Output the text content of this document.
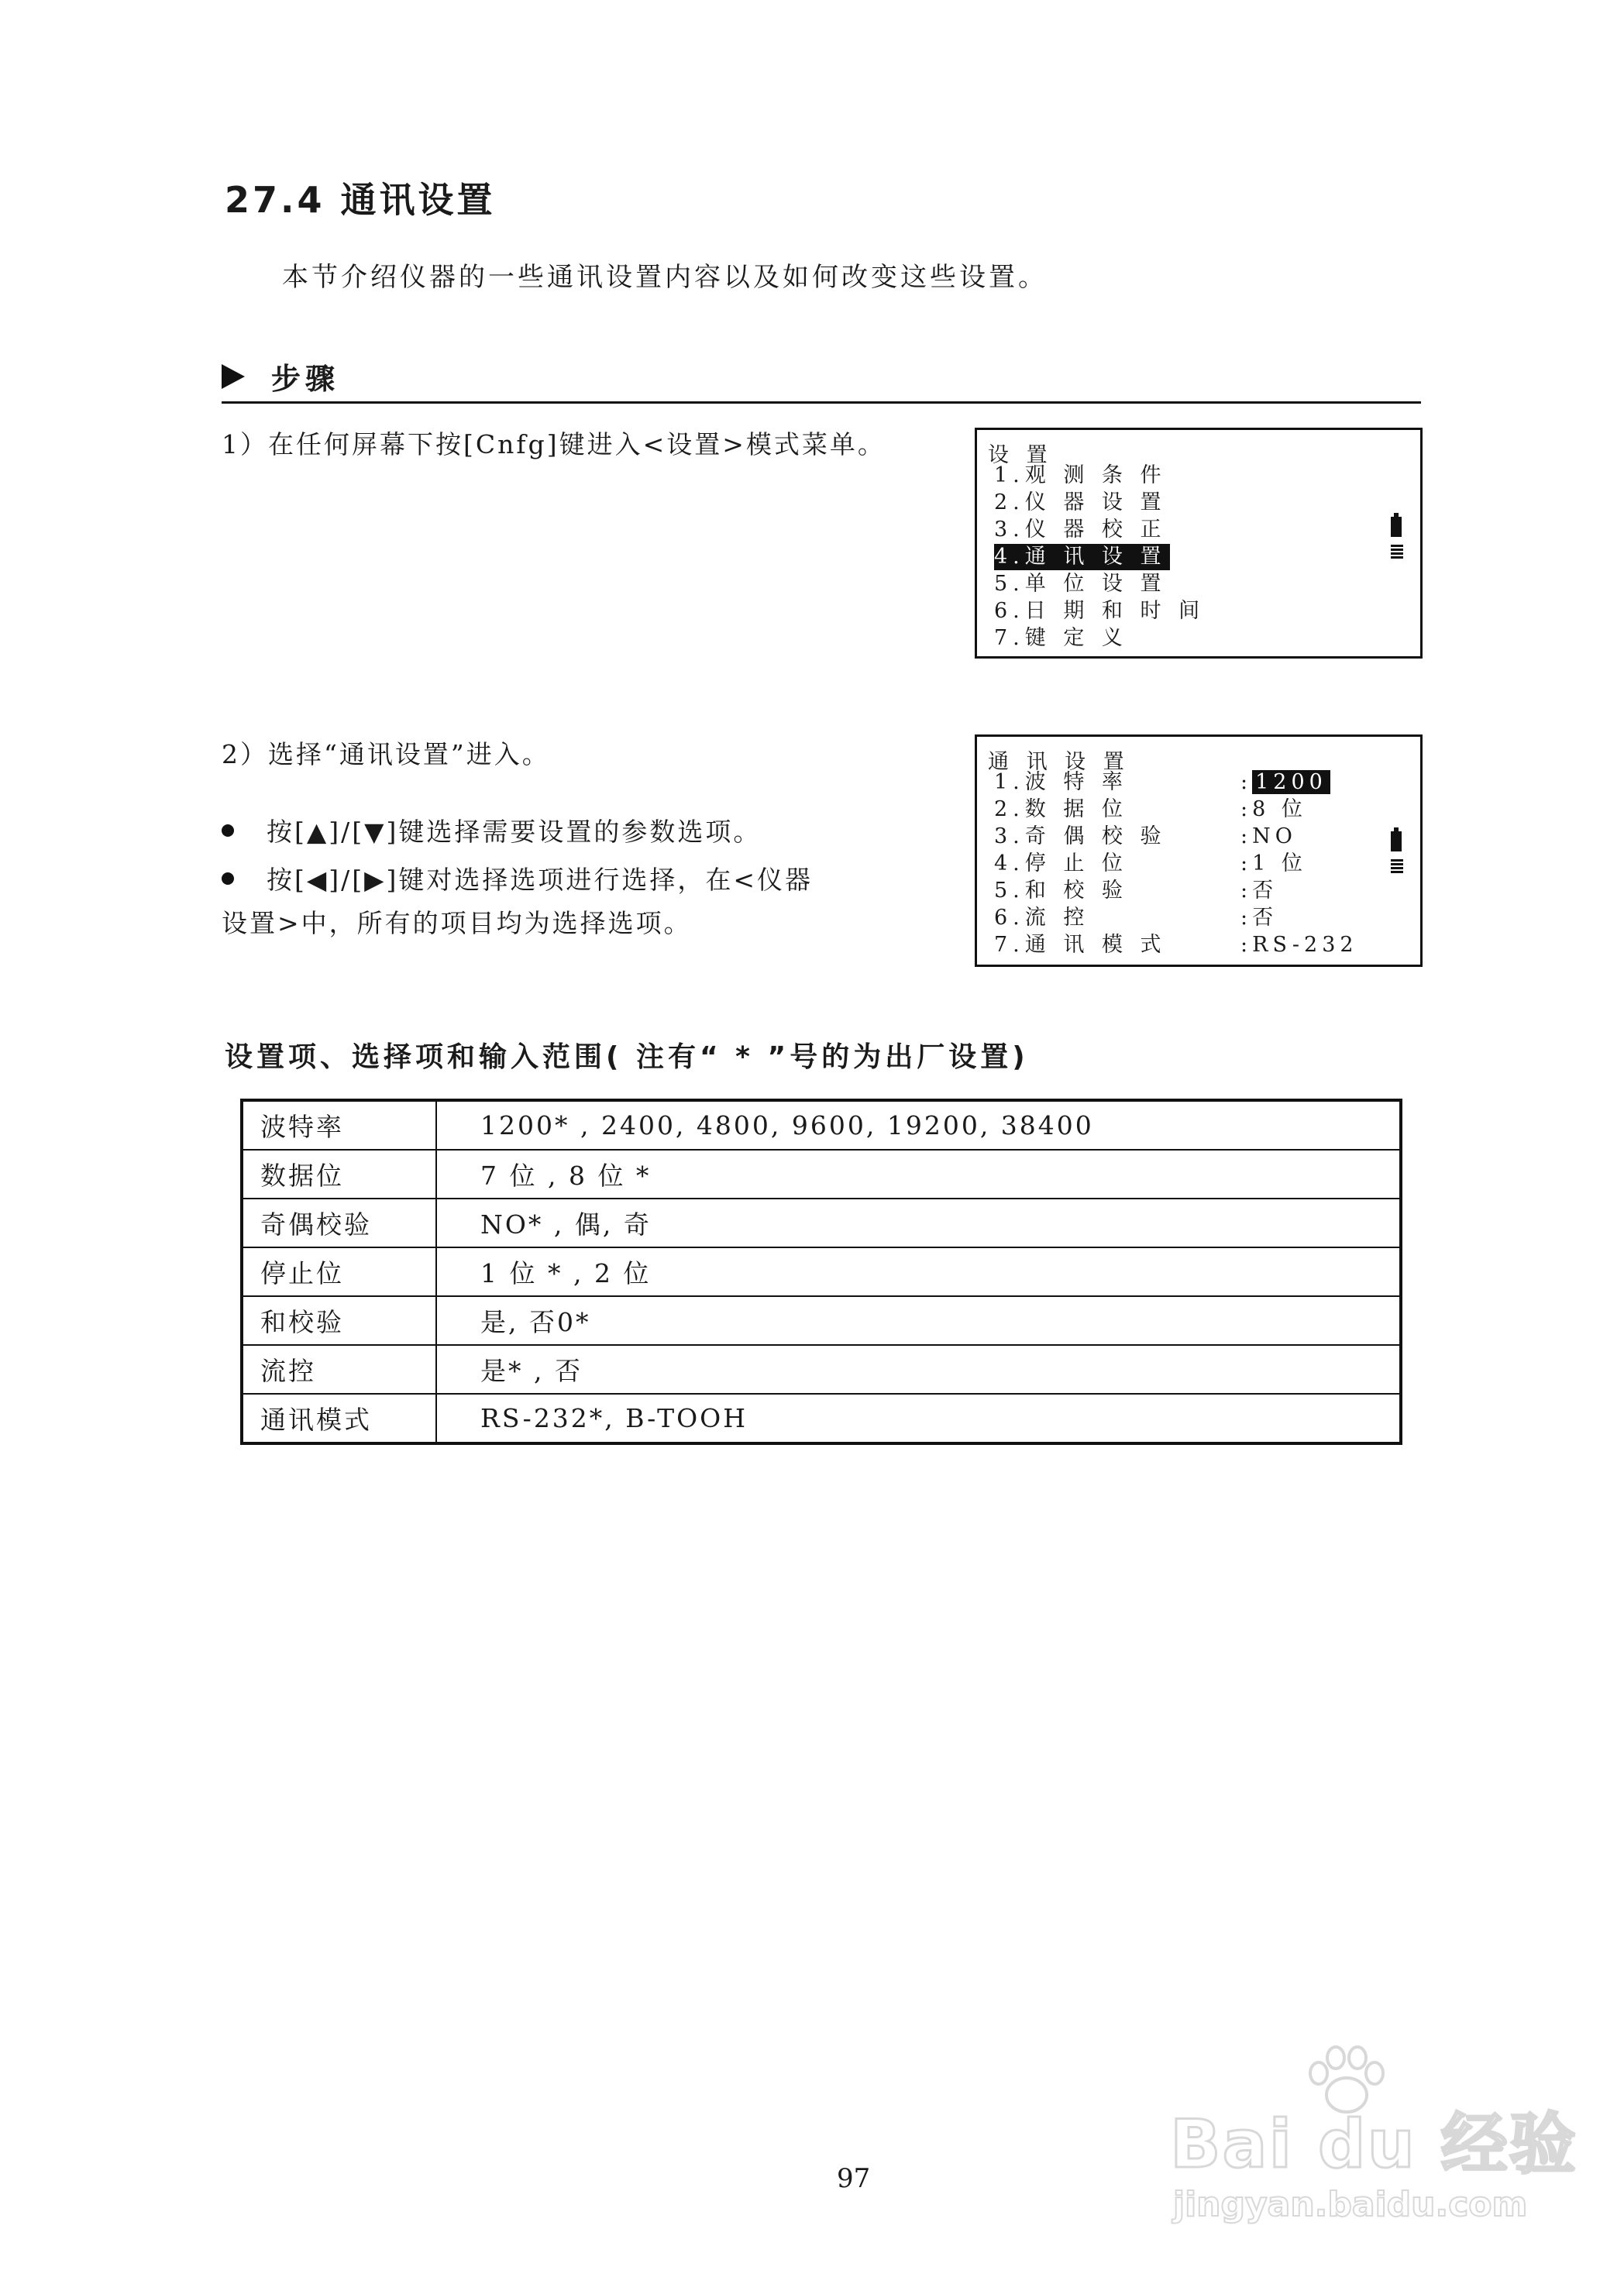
27.4 通讯设置
本节介绍仪器的一些通讯设置内容以及如何改变这些设置。
步骤
1）在任何屏幕下按[Cnfg]键进入<设置>模式菜单。	设 置
1.观 测 条 件
2.仪 器 设 置
3.仪 器 校 正
4.通 讯 设 置
5.单 位 设 置
6.日 期 和 时 间
7.键 定 义
2）选择“通讯设置”进入。
按[▲]/[▼]键选择需要设置的参数选项。
按[◀]/[▶]键对选择选项进行选择，在<仪器
设置>中，所有的项目均为选择选项。
通 讯 设 置
1.波 特 率	: 1200
2.数 据 位	:8 位
3.奇 偶 校 验	:NO
4.停 止 位	:1 位
5.和 校 验	:否
6.流 控	:否
7.通 讯 模 式	:RS-232
设置项、选择项和输入范围( 注有“ * ”号的为出厂设置)
波特率	1200* , 2400, 4800, 9600, 19200, 38400
数据位	7 位 , 8 位 *
奇偶校验	NO* , 偶, 奇
停止位	1 位 * , 2 位
和校验	是, 否0*
流控	是* , 否
通讯模式	RS-232*, B-TOOH
97	Bai du 经验
jingyan.baidu.com
